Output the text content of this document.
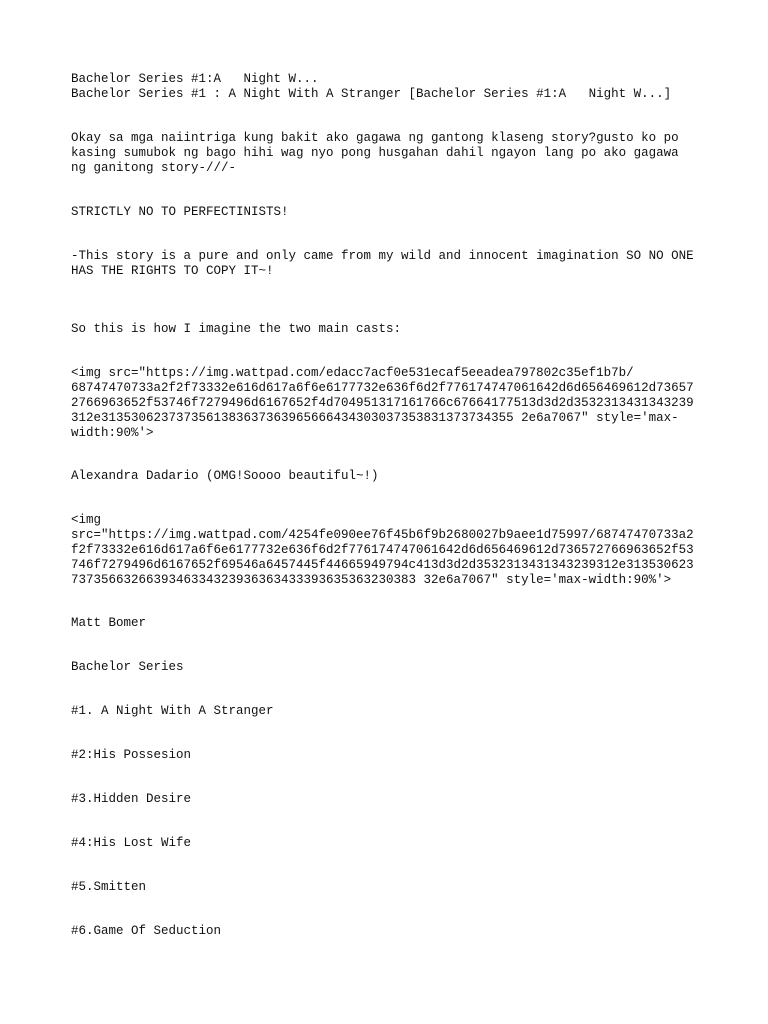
Bachelor Series #1:A   Night W...

Bachelor Series #1 : A Night With A Stranger [Bachelor Series #1:A   Night W...]

Okay sa mga naiintriga kung bakit ako gagawa ng gantong klaseng story?gusto ko po

kasing sumubok ng bago hihi wag nyo pong husgahan dahil ngayon lang po ako gagawa

ng ganitong story-///-

STRICTLY NO TO PERFECTINISTS!

-This story is a pure and only came from my wild and innocent imagination SO NO ONE

HAS THE RIGHTS TO COPY IT~!

So this is how I imagine the two main casts:

<img src="https://img.wattpad.com/edacc7acf0e531ecaf5eeadea797802c35ef1b7b/

68747470733a2f2f73332e616d617a6f6e6177732e636f6d2f776174747061642d6d656469612d73657

2766963652f53746f7279496d6167652f4d704951317161766c67664177513d3d2d3532313431343239

312e3135306237373561383637363965666434303037353831373734355 2e6a7067" style='max-

width:90%'>

Alexandra Dadario (OMG!Soooo beautiful~!)

<img

src="https://img.wattpad.com/4254fe090ee76f45b6f9b2680027b9aee1d75997/68747470733a2

f2f73332e616d617a6f6e6177732e636f6d2f776174747061642d6d656469612d736572766963652f53

746f7279496d6167652f69546a6457445f44665949794c413d3d2d3532313431343239312e313530623

7373566326639346334323936363433393635363230383 32e6a7067" style='max-width:90%'>

Matt Bomer

Bachelor Series

#1. A Night With A Stranger

#2:His Possesion

#3.Hidden Desire

#4:His Lost Wife

#5.Smitten

#6.Game Of Seduction
